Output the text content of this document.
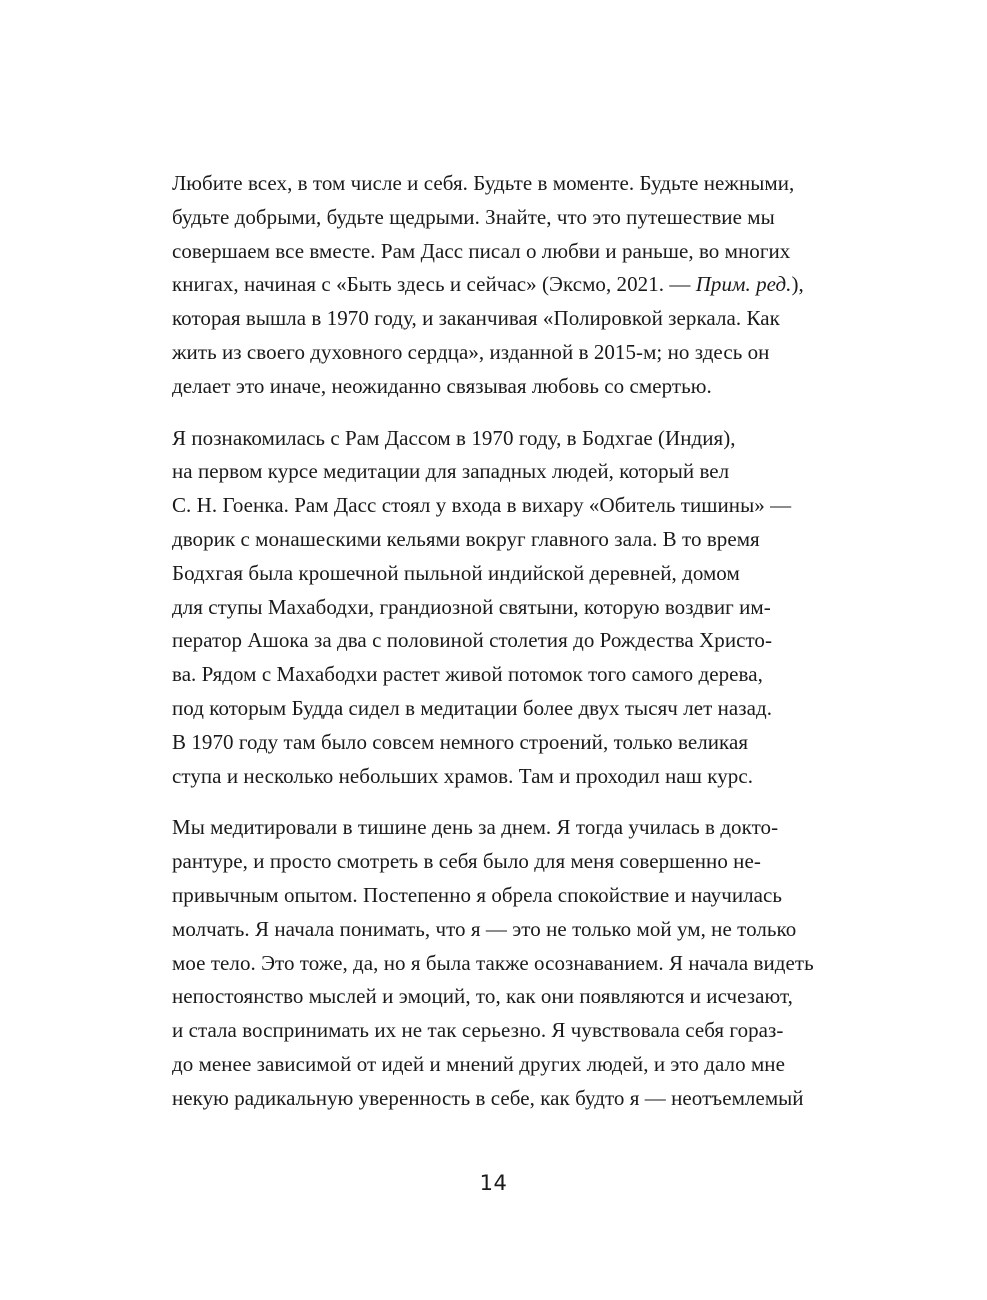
Любите всех, в том числе и себя. Будьте в моменте. Будьте нежными,
будьте добрыми, будьте щедрыми. Знайте, что это путешествие мы
совершаем все вместе. Рам Дасс писал о любви и раньше, во многих
книгах, начиная с «Быть здесь и сейчас» (Эксмо, 2021. — Прим. ред.),
которая вышла в 1970 году, и заканчивая «Полировкой зеркала. Как
жить из своего духовного сердца», изданной в 2015-м; но здесь он
делает это иначе, неожиданно связывая любовь со смертью.

Я познакомилась с Рам Дассом в 1970 году, в Бодхгае (Индия),
на первом курсе медитации для западных людей, который вел
С. Н. Гоенка. Рам Дасс стоял у входа в вихару «Обитель тишины» —
дворик с монашескими кельями вокруг главного зала. В то время
Бодхгая была крошечной пыльной индийской деревней, домом
для ступы Махабодхи, грандиозной святыни, которую воздвиг им-
ператор Ашока за два с половиной столетия до Рождества Христо-
ва. Рядом с Махабодхи растет живой потомок того самого дерева,
под которым Будда сидел в медитации более двух тысяч лет назад.
В 1970 году там было совсем немного строений, только великая
ступа и несколько небольших храмов. Там и проходил наш курс.

Мы медитировали в тишине день за днем. Я тогда училась в докто-
рантуре, и просто смотреть в себя было для меня совершенно не-
привычным опытом. Постепенно я обрела спокойствие и научилась
молчать. Я начала понимать, что я — это не только мой ум, не только
мое тело. Это тоже, да, но я была также осознаванием. Я начала видеть
непостоянство мыслей и эмоций, то, как они появляются и исчезают,
и стала воспринимать их не так серьезно. Я чувствовала себя гораз-
до менее зависимой от идей и мнений других людей, и это дало мне
некую радикальную уверенность в себе, как будто я — неотъемлемый

14
